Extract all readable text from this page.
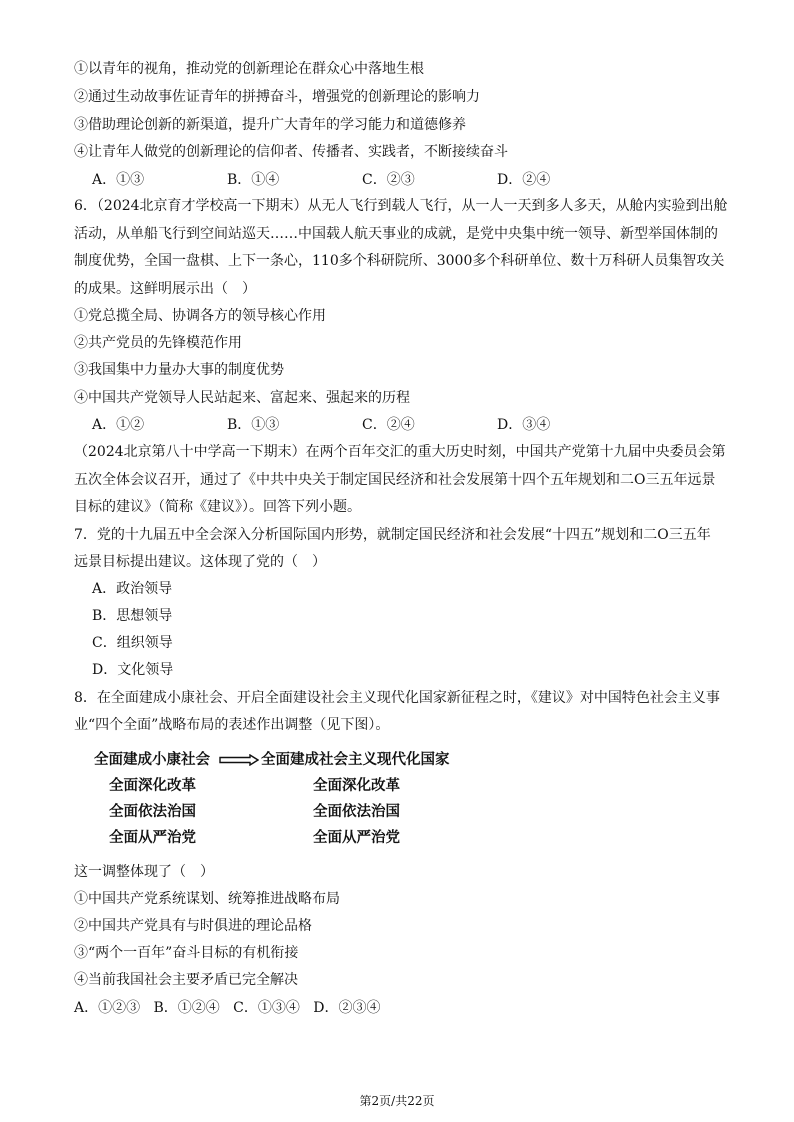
①以青年的视角，推动党的创新理论在群众心中落地生根
②通过生动故事佐证青年的拼搏奋斗，增强党的创新理论的影响力
③借助理论创新的新渠道，提升广大青年的学习能力和道德修养
④让青年人做党的创新理论的信仰者、传播者、实践者，不断接续奋斗
A．①③	B．①④	C．②③	D．②④
6．（2024北京育才学校高一下期末）从无人飞行到载人飞行，从一人一天到多人多天，从舱内实验到出舱
活动，从单船飞行到空间站巡天……中国载人航天事业的成就，是党中央集中统一领导、新型举国体制的
制度优势，全国一盘棋、上下一条心，110多个科研院所、3000多个科研单位、数十万科研人员集智攻关
的成果。这鲜明展示出（　）
①党总揽全局、协调各方的领导核心作用
②共产党员的先锋模范作用
③我国集中力量办大事的制度优势
④中国共产党领导人民站起来、富起来、强起来的历程
A．①②	B．①③	C．②④	D．③④
（2024北京第八十中学高一下期末）在两个百年交汇的重大历史时刻，中国共产党第十九届中央委员会第
五次全体会议召开，通过了《中共中央关于制定国民经济和社会发展第十四个五年规划和二O三五年远景
目标的建议》（简称《建议》）。回答下列小题。
7．党的十九届五中全会深入分析国际国内形势，就制定国民经济和社会发展“十四五”规划和二O三五年
远景目标提出建议。这体现了党的（　）
A．政治领导
B．思想领导
C．组织领导
D．文化领导
8．在全面建成小康社会、开启全面建设社会主义现代化国家新征程之时，《建议》对中国特色社会主义事
业“四个全面”战略布局的表述作出调整（见下图）。
全面建成小康社会	全面建成社会主义现代化国家
全面深化改革	全面深化改革
全面依法治国	全面依法治国
全面从严治党	全面从严治党
这一调整体现了（　）
①中国共产党系统谋划、统筹推进战略布局
②中国共产党具有与时俱进的理论品格
③“两个一百年”奋斗目标的有机衔接
④当前我国社会主要矛盾已完全解决
A．①②③ B．①②④ C．①③④ D．②③④
第2页/共22页
